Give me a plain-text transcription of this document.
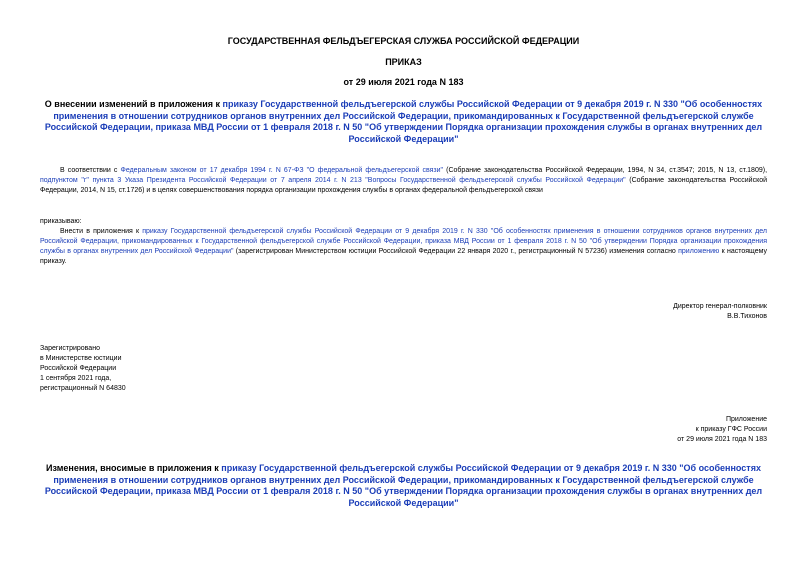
ГОСУДАРСТВЕННАЯ ФЕЛЬДЪЕГЕРСКАЯ СЛУЖБА РОССИЙСКОЙ ФЕДЕРАЦИИ

ПРИКАЗ

от 29 июля 2021 года N 183

О внесении изменений в приложения к приказу Государственной фельдъегерской службы Российской Федерации от 9 декабря 2019 г. N 330 "Об особенностях применения в отношении сотрудников органов внутренних дел Российской Федерации, прикомандированных к Государственной фельдъегерской службе Российской Федерации, приказа МВД России от 1 февраля 2018 г. N 50 "Об утверждении Порядка организации прохождения службы в органах внутренних дел Российской Федерации"

В соответствии с Федеральным законом от 17 декабря 1994 г. N 67-ФЗ "О федеральной фельдъегерской связи" (Собрание законодательства Российской Федерации, 1994, N 34, ст.3547; 2015, N 13, ст.1809), подпунктом "г" пункта 3 Указа Президента Российской Федерации от 7 апреля 2014 г. N 213 "Вопросы Государственной фельдъегерской службы Российской Федерации" (Собрание законодательства Российской Федерации, 2014, N 15, ст.1726) и в целях совершенствования порядка организации прохождения службы в органах федеральной фельдъегерской связи

приказываю:

Внести в приложения к приказу Государственной фельдъегерской службы Российской Федерации от 9 декабря 2019 г. N 330 "Об особенностях применения в отношении сотрудников органов внутренних дел Российской Федерации, прикомандированных к Государственной фельдъегерской службе Российской Федерации, приказа МВД России от 1 февраля 2018 г. N 50 "Об утверждении Порядка организации прохождения службы в органах внутренних дел Российской Федерации" (зарегистрирован Министерством юстиции Российской Федерации 22 января 2020 г., регистрационный N 57236) изменения согласно приложению к настоящему приказу.

Директор генерал-полковник

В.В.Тихонов

Зарегистрировано

в Министерстве юстиции

Российской Федерации

1 сентября 2021 года,

регистрационный N 64830

Приложение

к приказу ГФС России

от 29 июля 2021 года N 183

Изменения, вносимые в приложения к приказу Государственной фельдъегерской службы Российской Федерации от 9 декабря 2019 г. N 330 "Об особенностях применения в отношении сотрудников органов внутренних дел Российской Федерации, прикомандированных к Государственной фельдъегерской службе Российской Федерации, приказа МВД России от 1 февраля 2018 г. N 50 "Об утверждении Порядка организации прохождения службы в органах внутренних дел Российской Федерации"
